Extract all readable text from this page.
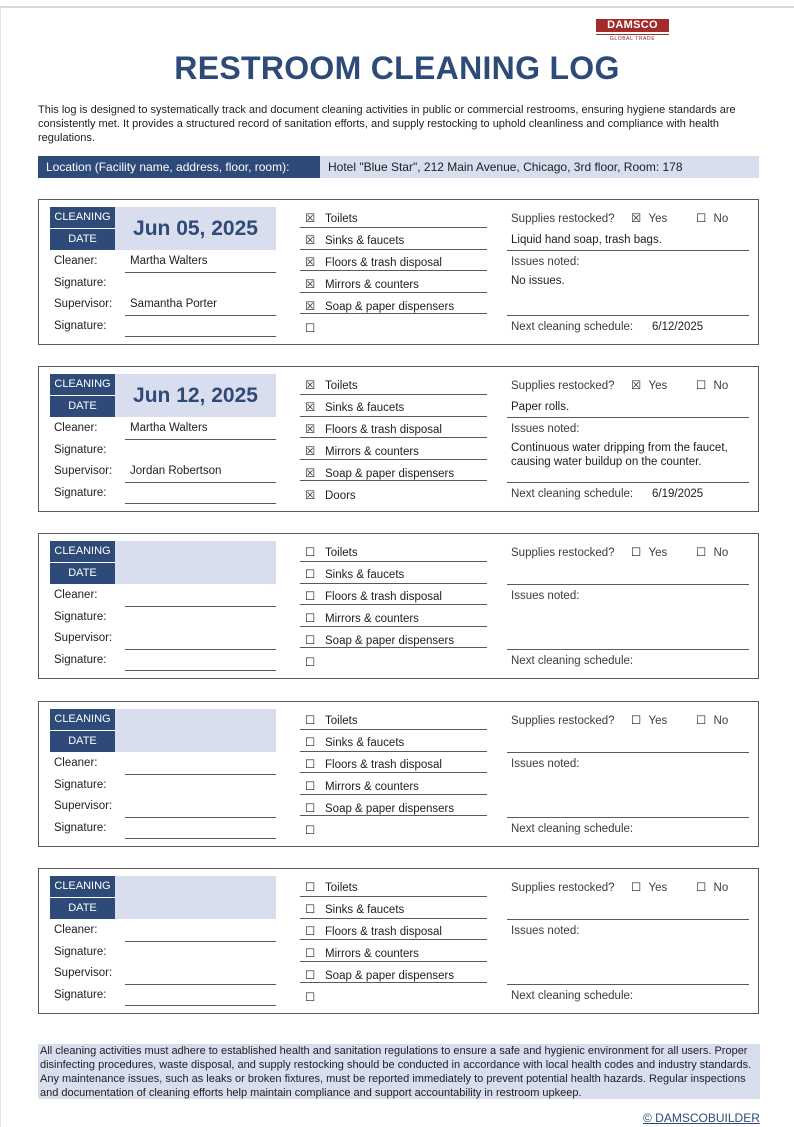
DAMSCO
GLOBAL TRADE
RESTROOM CLEANING LOG
This log is designed to systematically track and document cleaning activities in public or commercial restrooms, ensuring hygiene standards are consistently met. It provides a structured record of sanitation efforts, and supply restocking to uphold cleanliness and compliance with health regulations.
Location (Facility name, address, floor, room):	Hotel "Blue Star", 212 Main Avenue, Chicago, 3rd floor, Room: 178
CLEANING
DATE	Jun 05, 2025
Cleaner:	Martha Walters
Signature:
Supervisor: Samantha Porter
Signature:
☒ Toilets
☒ Sinks & faucets
☒ Floors & trash disposal
☒ Mirrors & counters
☒ Soap & paper dispensers
☐
Supplies restocked? ☒ Yes ☐ No
Liquid hand soap, trash bags.
Issues noted:
No issues.
Next cleaning schedule: 6/12/2025
CLEANING
DATE	Jun 12, 2025
Cleaner:	Martha Walters
Signature:
Supervisor: Jordan Robertson
Signature:
☒ Toilets
☒ Sinks & faucets
☒ Floors & trash disposal
☒ Mirrors & counters
☒ Soap & paper dispensers
☒ Doors
Supplies restocked? ☒ Yes ☐ No
Paper rolls.
Issues noted:
Continuous water dripping from the faucet, causing water buildup on the counter.
Next cleaning schedule: 6/19/2025
CLEANING
DATE
Cleaner:
Signature:
Supervisor:
Signature:
☐ Toilets
☐ Sinks & faucets
☐ Floors & trash disposal
☐ Mirrors & counters
☐ Soap & paper dispensers
☐
Supplies restocked? ☐ Yes ☐ No
Issues noted:
Next cleaning schedule:
CLEANING
DATE
Cleaner:
Signature:
Supervisor:
Signature:
☐ Toilets
☐ Sinks & faucets
☐ Floors & trash disposal
☐ Mirrors & counters
☐ Soap & paper dispensers
☐
Supplies restocked? ☐ Yes ☐ No
Issues noted:
Next cleaning schedule:
CLEANING
DATE
Cleaner:
Signature:
Supervisor:
Signature:
☐ Toilets
☐ Sinks & faucets
☐ Floors & trash disposal
☐ Mirrors & counters
☐ Soap & paper dispensers
☐
Supplies restocked? ☐ Yes ☐ No
Issues noted:
Next cleaning schedule:
All cleaning activities must adhere to established health and sanitation regulations to ensure a safe and hygienic environment for all users. Proper disinfecting procedures, waste disposal, and supply restocking should be conducted in accordance with local health codes and industry standards. Any maintenance issues, such as leaks or broken fixtures, must be reported immediately to prevent potential health hazards. Regular inspections and documentation of cleaning efforts help maintain compliance and support accountability in restroom upkeep.
© DAMSCOBUILDER
